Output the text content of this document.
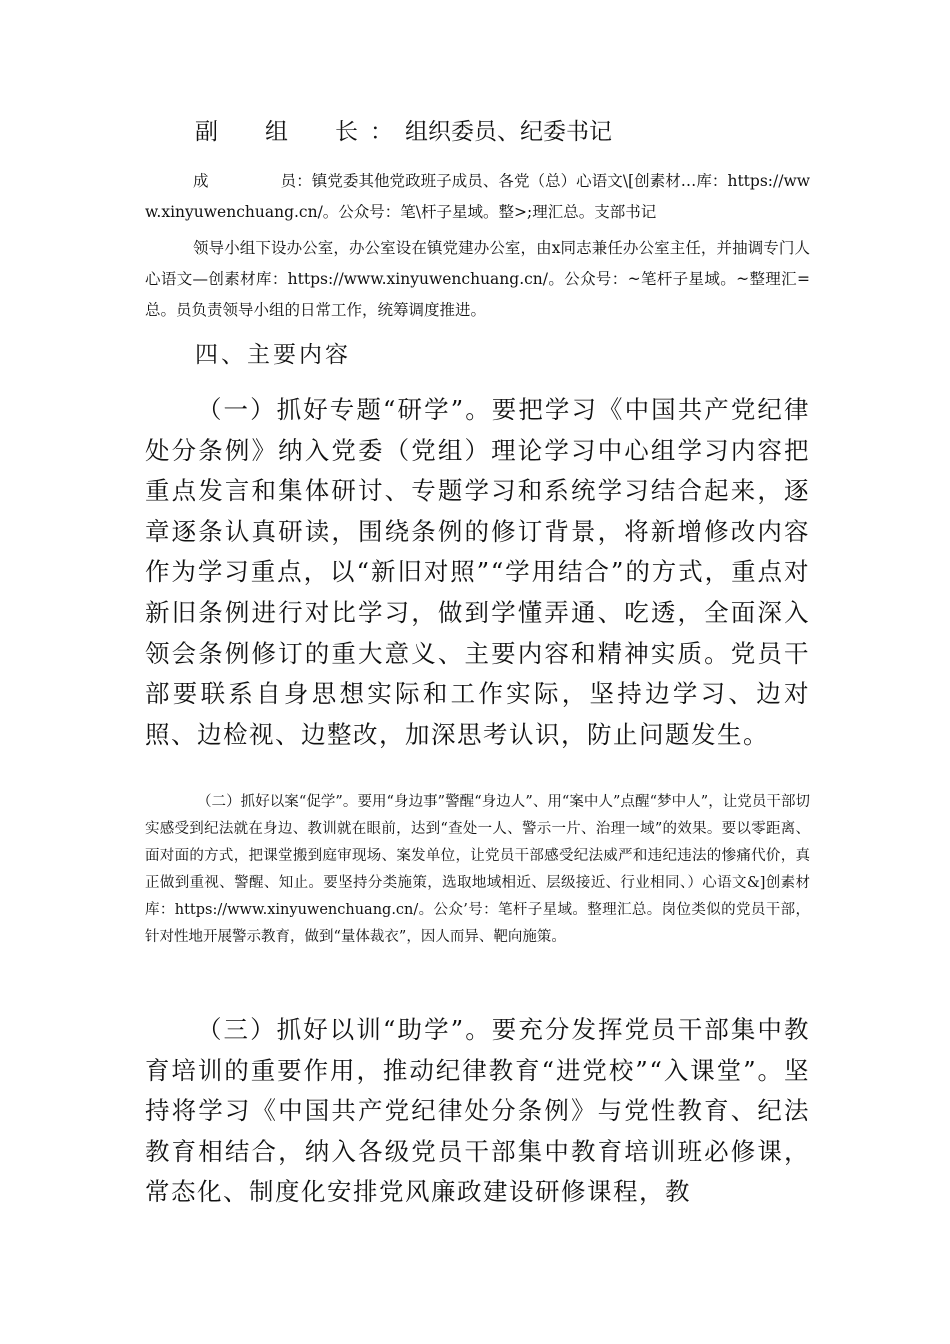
副　组　长：组织委员、纪委书记

成	员：镇党委其他党政班子成员、各党（总）心语文\[创素材…库：https://www.xinyuwenchuang.cn/。公众号：笔\杆子星域。整>;理汇总。支部书记

领导小组下设办公室，办公室设在镇党建办公室，由x同志兼任办公室主任，并抽调专门人心语文—创素材库：https://www.xinyuwenchuang.cn/。公众号：~笔杆子星域。~整理汇=总。员负责领导小组的日常工作，统筹调度推进。

四、主要内容

（一）抓好专题“研学”。要把学习《中国共产党纪律处分条例》纳入党委（党组）理论学习中心组学习内容把重点发言和集体研讨、专题学习和系统学习结合起来，逐章逐条认真研读，围绕条例的修订背景，将新增修改内容作为学习重点，以“新旧对照”“学用结合”的方式，重点对新旧条例进行对比学习，做到学懂弄通、吃透，全面深入领会条例修订的重大意义、主要内容和精神实质。党员干部要联系自身思想实际和工作实际，坚持边学习、边对照、边检视、边整改，加深思考认识，防止问题发生。

（二）抓好以案“促学”。要用“身边事”警醒“身边人”、用“案中人”点醒“梦中人”，让党员干部切实感受到纪法就在身边、教训就在眼前，达到“查处一人、警示一片、治理一域”的效果。要以零距离、面对面的方式，把课堂搬到庭审现场、案发单位，让党员干部感受纪法威严和违纪违法的惨痛代价，真正做到重视、警醒、知止。要坚持分类施策，选取地域相近、层级接近、行业相同、）心语文&]创素材库：https://www.xinyuwenchuang.cn/。公众’号：笔杆子星域。整理汇总。岗位类似的党员干部，针对性地开展警示教育，做到“量体裁衣”，因人而异、靶向施策。

（三）抓好以训“助学”。要充分发挥党员干部集中教育培训的重要作用，推动纪律教育“进党校”“入课堂”。坚持将学习《中国共产党纪律处分条例》与党性教育、纪法教育相结合，纳入各级党员干部集中教育培训班必修课，常态化、制度化安排党风廉政建设研修课程，教
